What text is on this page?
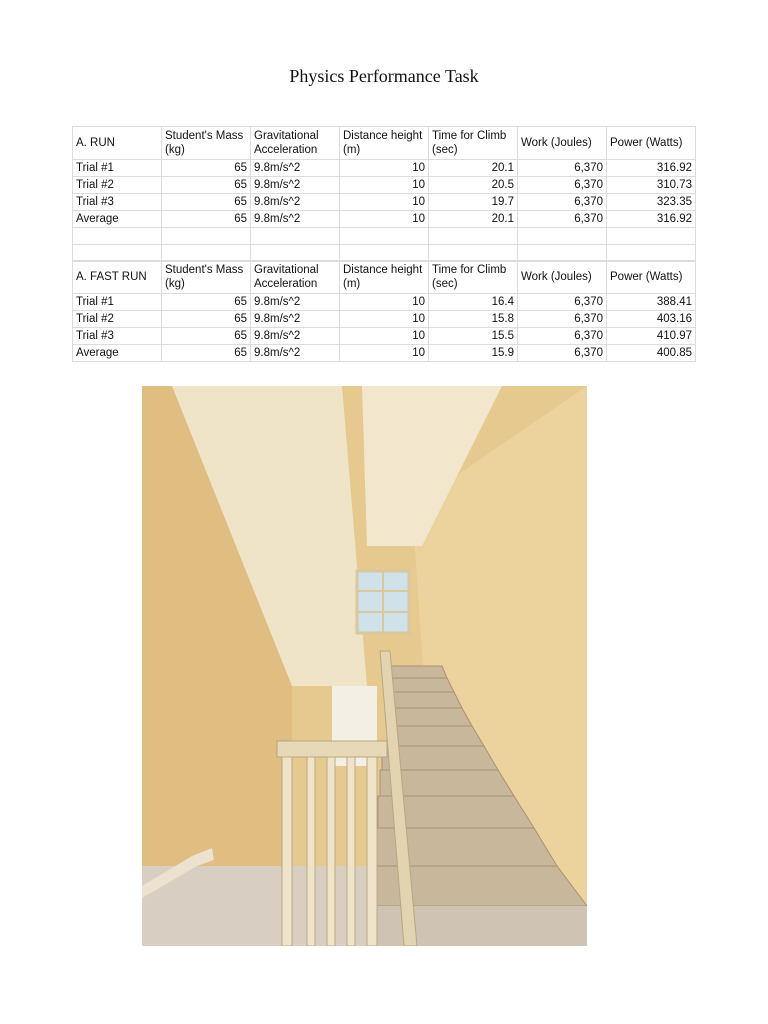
Physics Performance Task
A. RUN	Student's Mass (kg)	Gravitational Acceleration	Distance height (m)	Time for Climb (sec)	Work (Joules)	Power (Watts)
Trial #1	65	9.8m/s^2	10	20.1	6,370	316.92
Trial #2	65	9.8m/s^2	10	20.5	6,370	310.73
Trial #3	65	9.8m/s^2	10	19.7	6,370	323.35
Average	65	9.8m/s^2	10	20.1	6,370	316.92

A. FAST RUN	Student's Mass (kg)	Gravitational Acceleration	Distance height (m)	Time for Climb (sec)	Work (Joules)	Power (Watts)
Trial #1	65	9.8m/s^2	10	16.4	6,370	388.41
Trial #2	65	9.8m/s^2	10	15.8	6,370	403.16
Trial #3	65	9.8m/s^2	10	15.5	6,370	410.97
Average	65	9.8m/s^2	10	15.9	6,370	400.85
